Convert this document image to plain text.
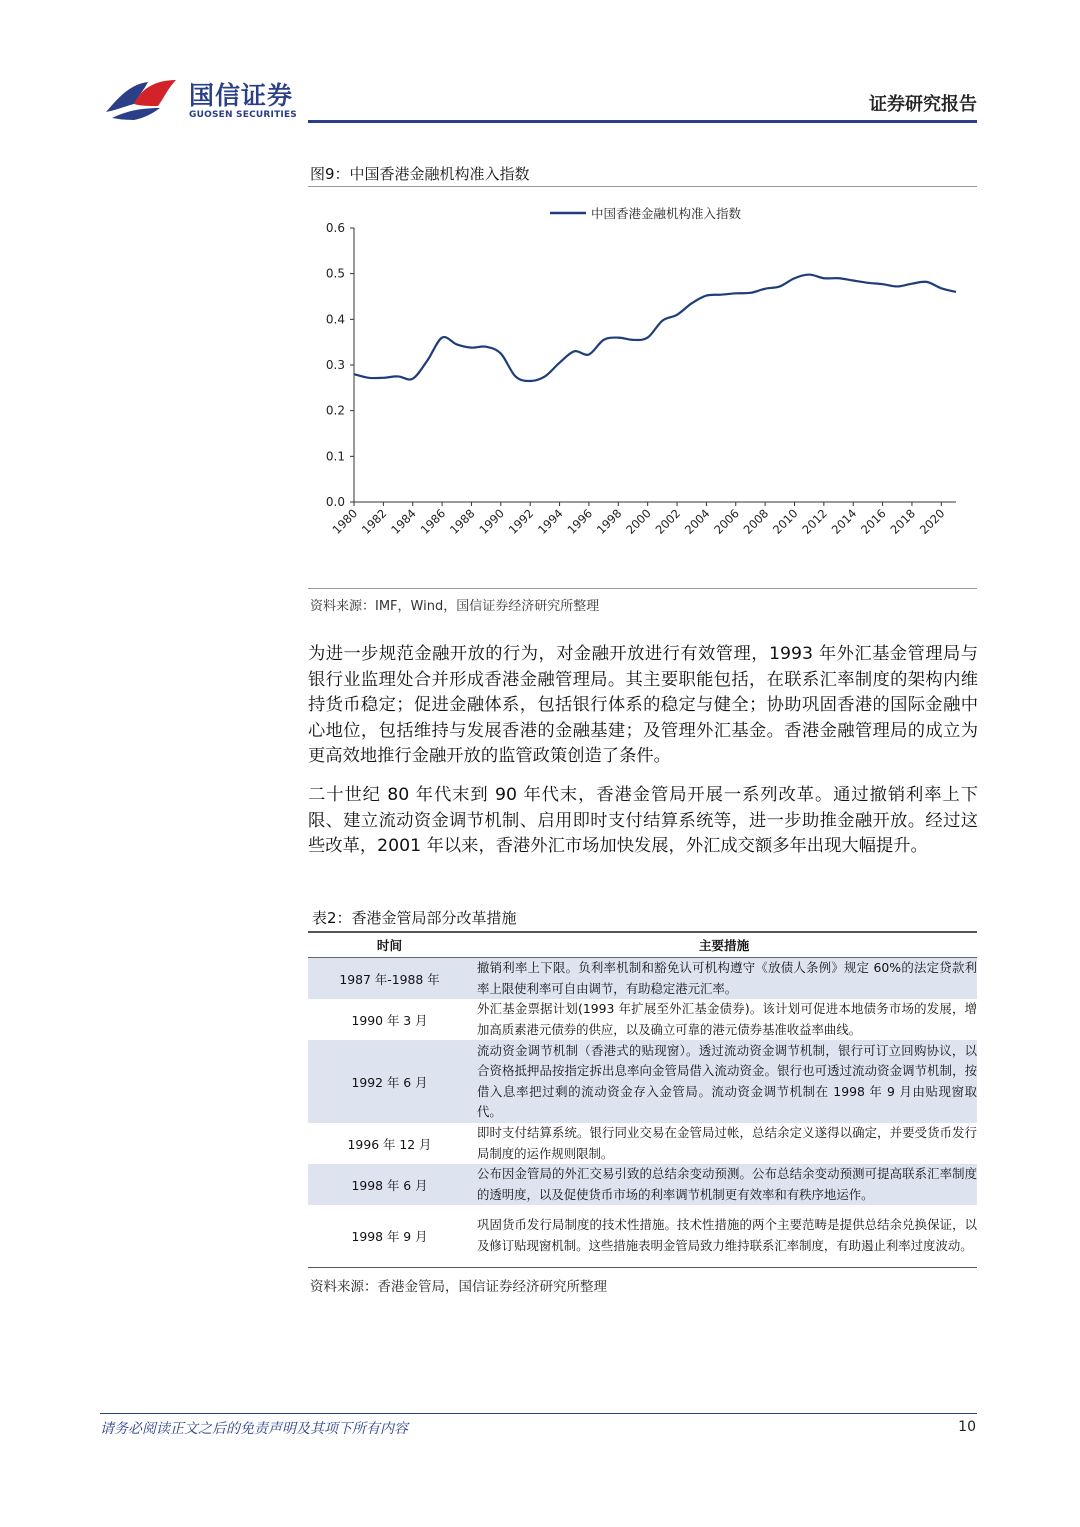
国信证券
GUOSEN SECURITIES	证券研究报告
图9：中国香港金融机构准入指数
中国香港金融机构准入指数
0.0
0.1
0.2
0.3
0.4
0.5
0.6
1980
1982
1984
1986
1988
1990
1992
1994
1996
1998
2000
2002
2004
2006
2008
2010
2012
2014
2016
2018
2020
资料来源：IMF，Wind，国信证券经济研究所整理
为进一步规范金融开放的行为，对金融开放进行有效管理，1993 年外汇基金管理局与银行业监理处合并形成香港金融管理局。其主要职能包括，在联系汇率制度的架构内维持货币稳定；促进金融体系，包括银行体系的稳定与健全；协助巩固香港的国际金融中心地位，包括维持与发展香港的金融基建；及管理外汇基金。香港金融管理局的成立为更高效地推行金融开放的监管政策创造了条件。
二十世纪 80 年代末到 90 年代末，香港金管局开展一系列改革。通过撤销利率上下限、建立流动资金调节机制、启用即时支付结算系统等，进一步助推金融开放。经过这些改革，2001 年以来，香港外汇市场加快发展，外汇成交额多年出现大幅提升。
表2：香港金管局部分改革措施
时间	主要措施
1987 年-1988 年	撤销利率上下限。负利率机制和豁免认可机构遵守《放债人条例》规定 60%的法定贷款利率上限使利率可自由调节，有助稳定港元汇率。
1990 年 3 月	外汇基金票据计划(1993 年扩展至外汇基金债券)。该计划可促进本地债务市场的发展，增加高质素港元债券的供应，以及确立可靠的港元债券基准收益率曲线。
1992 年 6 月	流动资金调节机制（香港式的贴现窗）。透过流动资金调节机制，银行可订立回购协议，以合资格抵押品按指定拆出息率向金管局借入流动资金。银行也可透过流动资金调节机制，按借入息率把过剩的流动资金存入金管局。流动资金调节机制在 1998 年 9 月由贴现窗取代。
1996 年 12 月	即时支付结算系统。银行同业交易在金管局过帐，总结余定义遂得以确定，并要受货币发行局制度的运作规则限制。
1998 年 6 月	公布因金管局的外汇交易引致的总结余变动预测。公布总结余变动预测可提高联系汇率制度的透明度，以及促使货币市场的利率调节机制更有效率和有秩序地运作。
1998 年 9 月	巩固货币发行局制度的技术性措施。技术性措施的两个主要范畴是提供总结余兑换保证，以及修订贴现窗机制。这些措施表明金管局致力维持联系汇率制度，有助遏止利率过度波动。
资料来源：香港金管局，国信证券经济研究所整理
请务必阅读正文之后的免责声明及其项下所有内容	10
